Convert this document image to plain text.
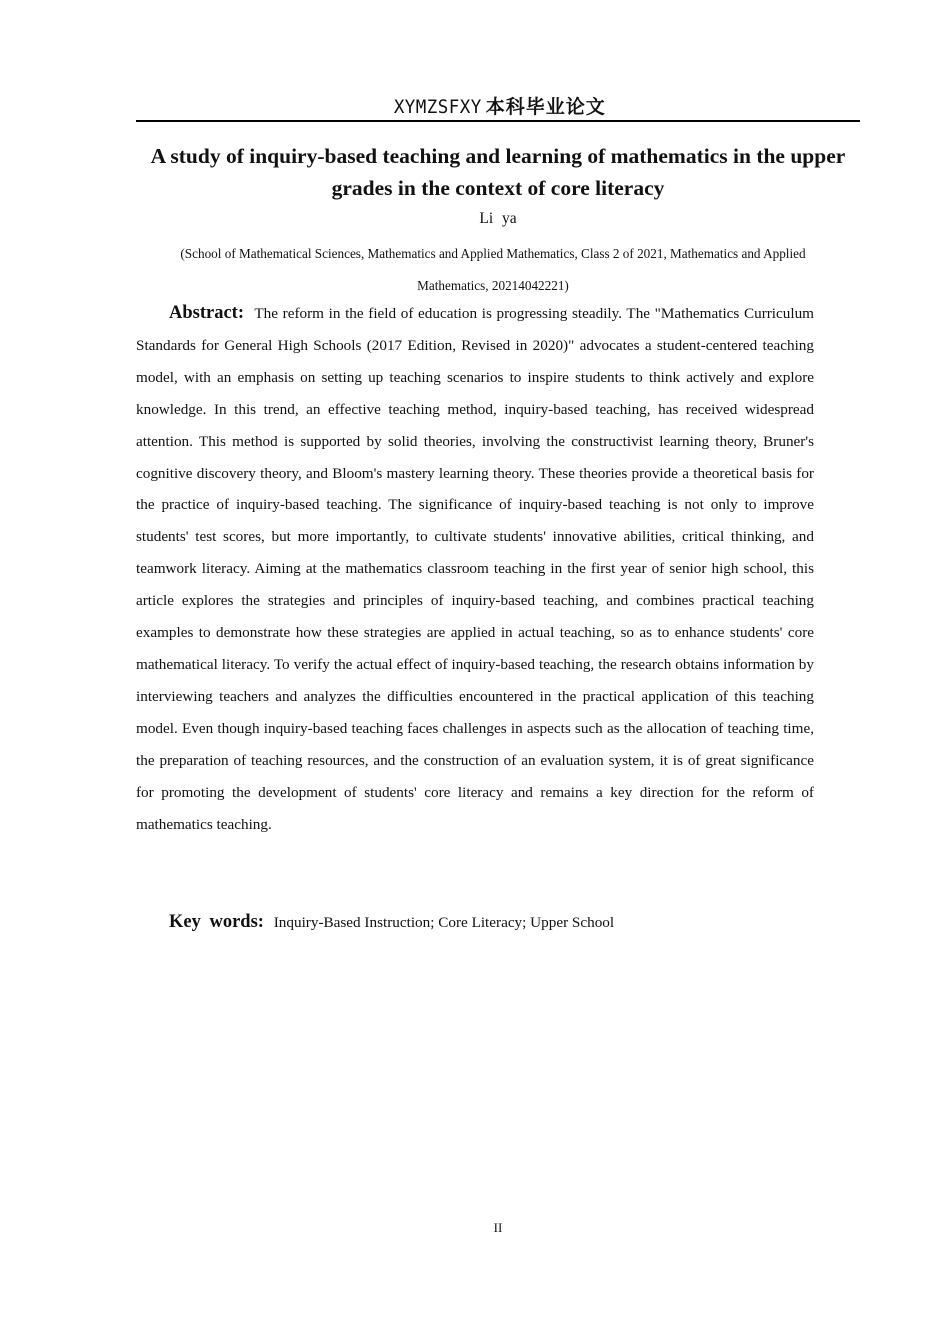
XYMZSFXY 本科毕业论文
A study of inquiry-based teaching and learning of mathematics in the upper grades in the context of core literacy
Li ya
(School of Mathematical Sciences, Mathematics and Applied Mathematics, Class 2 of 2021, Mathematics and Applied Mathematics, 20214042221)

Abstract: The reform in the field of education is progressing steadily. The "Mathematics Curriculum Standards for General High Schools (2017 Edition, Revised in 2020)" advocates a student-centered teaching model, with an emphasis on setting up teaching scenarios to inspire students to think actively and explore knowledge. In this trend, an effective teaching method, inquiry-based teaching, has received widespread attention. This method is supported by solid theories, involving the constructivist learning theory, Bruner's cognitive discovery theory, and Bloom's mastery learning theory. These theories provide a theoretical basis for the practice of inquiry-based teaching. The significance of inquiry-based teaching is not only to improve students' test scores, but more importantly, to cultivate students' innovative abilities, critical thinking, and teamwork literacy. Aiming at the mathematics classroom teaching in the first year of senior high school, this article explores the strategies and principles of inquiry-based teaching, and combines practical teaching examples to demonstrate how these strategies are applied in actual teaching, so as to enhance students' core mathematical literacy. To verify the actual effect of inquiry-based teaching, the research obtains information by interviewing teachers and analyzes the difficulties encountered in the practical application of this teaching model. Even though inquiry-based teaching faces challenges in aspects such as the allocation of teaching time, the preparation of teaching resources, and the construction of an evaluation system, it is of great significance for promoting the development of students' core literacy and remains a key direction for the reform of mathematics teaching.

Key words: Inquiry-Based Instruction; Core Literacy; Upper School
II
